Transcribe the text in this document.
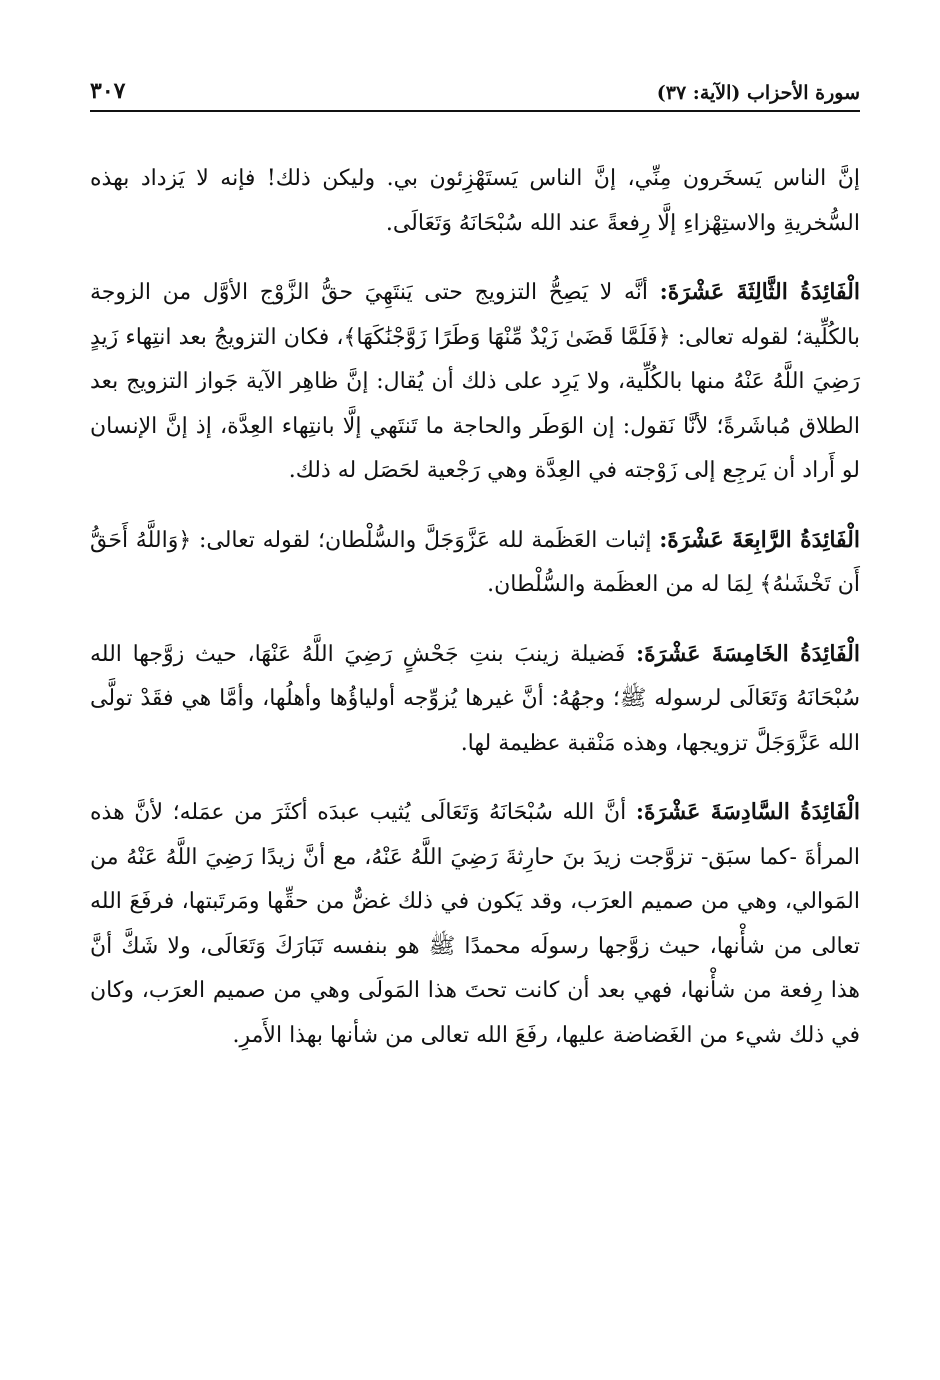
سورة الأحزاب (الآية: ٣٧)
٣٠٧

إنَّ الناس يَسخَرون مِنِّي، إنَّ الناس يَستَهْزِئون بي. وليكن ذلك! فإنه لا يَزداد بهذه السُّخريةِ والاستِهْزاءِ إلَّا رِفعةً عند الله سُبْحَانَهُ وَتَعَالَى.

الْفَائِدَةُ الثَّالِثَةَ عَشْرَةَ: أنَّه لا يَصِحُّ التزويج حتى يَنتَهِيَ حقُّ الزَّوْج الأوَّل من الزوجة بالكُلِّية؛ لقوله تعالى: ﴿فَلَمَّا قَضَىٰ زَيْدٌ مِّنْهَا وَطَرًا زَوَّجْنَٰكَهَا﴾، فكان التزويجُ بعد انتِهاء زَيدٍ رَضِيَ اللَّهُ عَنْهُ منها بالكُلِّية، ولا يَرِد على ذلك أن يُقال: إنَّ ظاهِر الآية جَواز التزويج بعد الطلاق مُباشَرةً؛ لأنَّا نَقول: إن الوَطَر والحاجة ما تَنتَهي إلَّا بانتِهاء العِدَّة، إذ إنَّ الإنسان لو أَراد أن يَرجِع إلى زَوْجته في العِدَّة وهي رَجْعية لحَصَل له ذلك.

الْفَائِدَةُ الرَّابِعَةَ عَشْرَةَ: إثبات العَظَمة لله عَزَّوَجَلَّ والسُّلْطان؛ لقوله تعالى: ﴿وَاللَّهُ أَحَقُّ أَن تَخْشَىٰهُ﴾ لِمَا له من العظَمة والسُّلْطان.

الْفَائِدَةُ الخَامِسَةَ عَشْرَةَ: فَضيلة زينبَ بنتِ جَحْشٍ رَضِيَ اللَّهُ عَنْهَا، حيث زوَّجها الله سُبْحَانَهُ وَتَعَالَى لرسوله ﷺ؛ وجهُهُ: أنَّ غيرها يُزوِّجه أولياؤُها وأهلُها، وأمَّا هي فقَدْ تولَّى الله عَزَّوَجَلَّ تزويجها، وهذه مَنْقبة عظيمة لها.

الْفَائِدَةُ السَّادِسَةَ عَشْرَةَ: أنَّ الله سُبْحَانَهُ وَتَعَالَى يُثيب عبدَه أكثَرَ من عمَله؛ لأنَّ هذه المرأةَ -كما سبَق- تزوَّجت زيدَ بنَ حارِثةَ رَضِيَ اللَّهُ عَنْهُ، مع أنَّ زيدًا رَضِيَ اللَّهُ عَنْهُ من المَوالي، وهي من صميم العرَب، وقد يَكون في ذلك غضٌّ من حقِّها ومَرتَبتها، فرفَعَ الله تعالى من شأْنها، حيث زوَّجها رسولَه محمدًا ﷺ هو بنفسه تَبَارَكَ وَتَعَالَى، ولا شَكَّ أنَّ هذا رِفعة من شأْنها، فهي بعد أن كانت تحتَ هذا المَولَى وهي من صميم العرَب، وكان في ذلك شيء من الغَضاضة عليها، رفَعَ الله تعالى من شأنها بهذا الأَمرِ.
